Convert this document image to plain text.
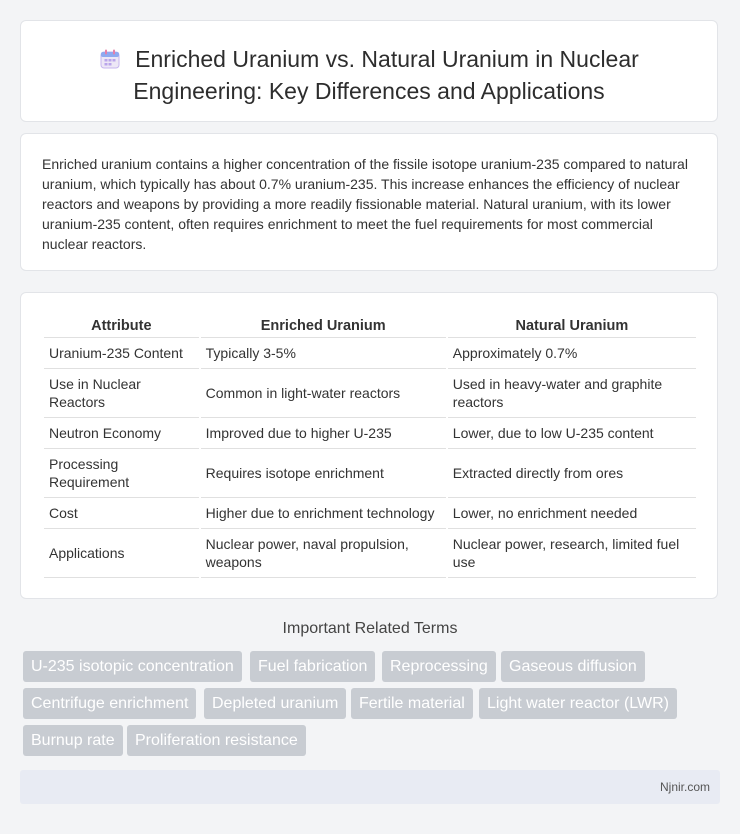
Enriched Uranium vs. Natural Uranium in Nuclear
Engineering: Key Differences and Applications
Enriched uranium contains a higher concentration of the fissile isotope uranium-235 compared to natural uranium, which typically has about 0.7% uranium-235. This increase enhances the efficiency of nuclear reactors and weapons by providing a more readily fissionable material. Natural uranium, with its lower uranium-235 content, often requires enrichment to meet the fuel requirements for most commercial nuclear reactors.
Attribute	Enriched Uranium	Natural Uranium
Uranium-235 Content	Typically 3-5%	Approximately 0.7%
Use in Nuclear Reactors	Common in light-water reactors	Used in heavy-water and graphite reactors
Neutron Economy	Improved due to higher U-235	Lower, due to low U-235 content
Processing Requirement	Requires isotope enrichment	Extracted directly from ores
Cost	Higher due to enrichment technology	Lower, no enrichment needed
Applications	Nuclear power, naval propulsion, weapons	Nuclear power, research, limited fuel use
Important Related Terms
U-235 isotopic concentration	Fuel fabrication	Reprocessing	Gaseous diffusion
Centrifuge enrichment	Depleted uranium	Fertile material	Light water reactor (LWR)
Burnup rate	Proliferation resistance
Njnir.com
